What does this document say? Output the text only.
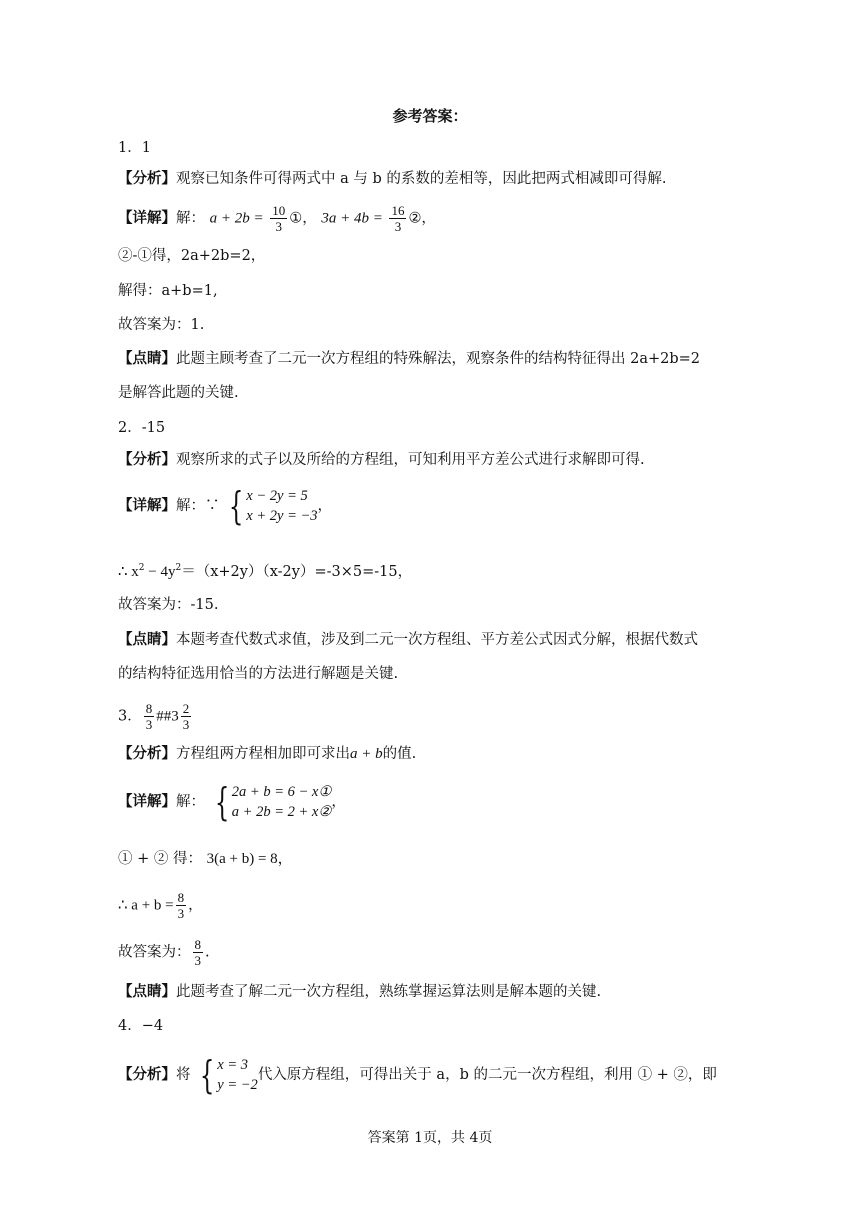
参考答案：
1．1
【分析】观察已知条件可得两式中 a 与 b 的系数的差相等，因此把两式相减即可得解.
【详解】解： $a + 2b = \frac{10}{3}$ ①， $3a + 4b = \frac{16}{3}$ ②，
②-①得，2a+2b=2，
解得：a+b=1,
故答案为：1.
【点睛】此题主顾考查了二元一次方程组的特殊解法，观察条件的结构特征得出 2a+2b=2
是解答此题的关键.
2．-15
【分析】观察所求的式子以及所给的方程组，可知利用平方差公式进行求解即可得.
【详解】解：∵ { x − 2y = 5
x + 2y = −3
，
∴ $x^2 - 4y^2=(x+2y)(x-2y)=-3\times 5=-15$，
故答案为：-15.
【点睛】本题考查代数式求值，涉及到二元一次方程组、平方差公式因式分解，根据代数式
的结构特征选用恰当的方法进行解题是关键.
3． $\frac{8}{3}$ ##3 $\frac{2}{3}$
【分析】方程组两方程相加即可求出a + b的值.
【详解】解： { 2a + b = 6 − x①
a + 2b = 2 + x②
，
① + ② 得： 3(a + b) = 8，
∴ $a + b = \frac{8}{3}$ ，
故答案为： $\frac{8}{3}$ .
【点睛】此题考查了解二元一次方程组，熟练掌握运算法则是解本题的关键.
4．−4
【分析】将 { x = 3
y = −2
代入原方程组，可得出关于 a，b 的二元一次方程组，利用 ① + ②，即
答案第 1页，共 4页
